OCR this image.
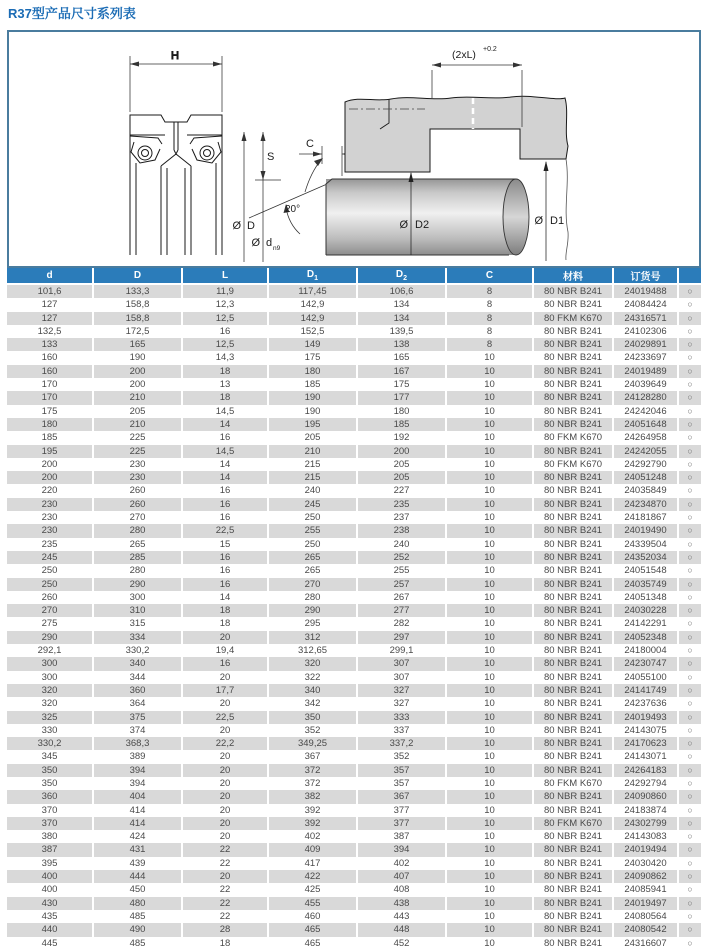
R37型产品尺寸系列表
H
Ø D
S
Ø d n9
20°
C
(2xL) +0.2
Ø D2	Ø D1
d	D	L	$D_1$	$D_2$	C	材料	订货号	
101,6	133,3	11,9	117,45	106,6	8	80 NBR B241	24019488	○
127	158,8	12,3	142,9	134	8	80 NBR B241	24084424	○
127	158,8	12,5	142,9	134	8	80 FKM K670	24316571	○
132,5	172,5	16	152,5	139,5	8	80 NBR B241	24102306	○
133	165	12,5	149	138	8	80 NBR B241	24029891	○
160	190	14,3	175	165	10	80 NBR B241	24233697	○
160	200	18	180	167	10	80 NBR B241	24019489	○
170	200	13	185	175	10	80 NBR B241	24039649	○
170	210	18	190	177	10	80 NBR B241	24128280	○
175	205	14,5	190	180	10	80 NBR B241	24242046	○
180	210	14	195	185	10	80 NBR B241	24051648	○
185	225	16	205	192	10	80 FKM K670	24264958	○
195	225	14,5	210	200	10	80 NBR B241	24242055	○
200	230	14	215	205	10	80 FKM K670	24292790	○
200	230	14	215	205	10	80 NBR B241	24051248	○
220	260	16	240	227	10	80 NBR B241	24035849	○
230	260	16	245	235	10	80 NBR B241	24234870	○
230	270	16	250	237	10	80 NBR B241	24181867	○
230	280	22,5	255	238	10	80 NBR B241	24019490	○
235	265	15	250	240	10	80 NBR B241	24339504	○
245	285	16	265	252	10	80 NBR B241	24352034	○
250	280	16	265	255	10	80 NBR B241	24051548	○
250	290	16	270	257	10	80 NBR B241	24035749	○
260	300	14	280	267	10	80 NBR B241	24051348	○
270	310	18	290	277	10	80 NBR B241	24030228	○
275	315	18	295	282	10	80 NBR B241	24142291	○
290	334	20	312	297	10	80 NBR B241	24052348	○
292,1	330,2	19,4	312,65	299,1	10	80 NBR B241	24180004	○
300	340	16	320	307	10	80 NBR B241	24230747	○
300	344	20	322	307	10	80 NBR B241	24055100	○
320	360	17,7	340	327	10	80 NBR B241	24141749	○
320	364	20	342	327	10	80 NBR B241	24237636	○
325	375	22,5	350	333	10	80 NBR B241	24019493	○
330	374	20	352	337	10	80 NBR B241	24143075	○
330,2	368,3	22,2	349,25	337,2	10	80 NBR B241	24170623	○
345	389	20	367	352	10	80 NBR B241	24143071	○
350	394	20	372	357	10	80 NBR B241	24264183	○
350	394	20	372	357	10	80 FKM K670	24292794	○
360	404	20	382	367	10	80 NBR B241	24090860	○
370	414	20	392	377	10	80 NBR B241	24183874	○
370	414	20	392	377	10	80 FKM K670	24302799	○
380	424	20	402	387	10	80 NBR B241	24143083	○
387	431	22	409	394	10	80 NBR B241	24019494	○
395	439	22	417	402	10	80 NBR B241	24030420	○
400	444	20	422	407	10	80 NBR B241	24090862	○
400	450	22	425	408	10	80 NBR B241	24085941	○
430	480	22	455	438	10	80 NBR B241	24019497	○
435	485	22	460	443	10	80 NBR B241	24080564	○
440	490	28	465	448	10	80 NBR B241	24080542	○
445	485	18	465	452	10	80 NBR B241	24316607	○
